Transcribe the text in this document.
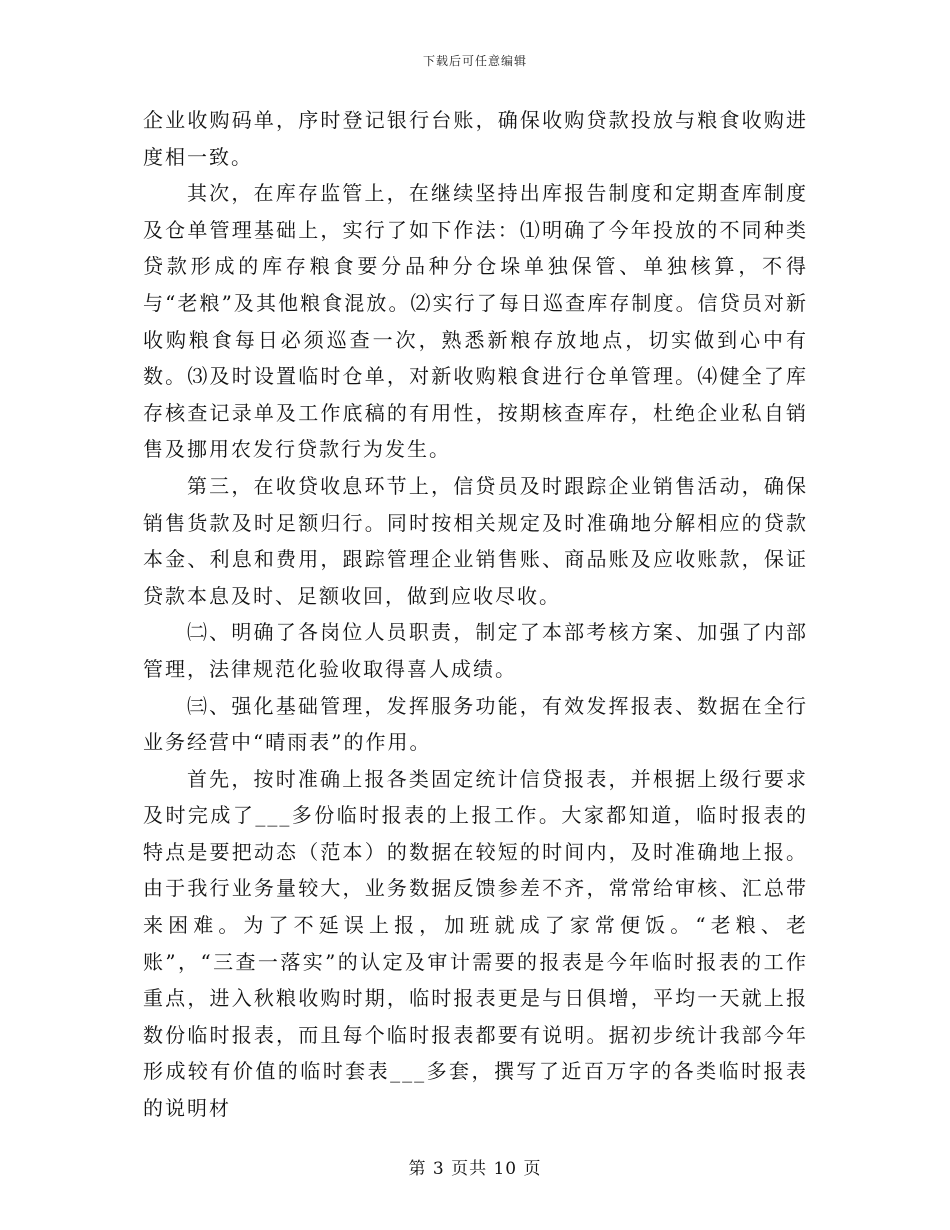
下载后可任意编辑

企业收购码单，序时登记银行台账，确保收购贷款投放与粮食收购进度相一致。

其次，在库存监管上，在继续坚持出库报告制度和定期查库制度及仓单管理基础上，实行了如下作法：⑴明确了今年投放的不同种类贷款形成的库存粮食要分品种分仓垛单独保管、单独核算，不得与“老粮”及其他粮食混放。⑵实行了每日巡查库存制度。信贷员对新收购粮食每日必须巡查一次，熟悉新粮存放地点，切实做到心中有数。⑶及时设置临时仓单，对新收购粮食进行仓单管理。⑷健全了库存核查记录单及工作底稿的有用性，按期核查库存，杜绝企业私自销售及挪用农发行贷款行为发生。

第三，在收贷收息环节上，信贷员及时跟踪企业销售活动，确保销售货款及时足额归行。同时按相关规定及时准确地分解相应的贷款本金、利息和费用，跟踪管理企业销售账、商品账及应收账款，保证贷款本息及时、足额收回，做到应收尽收。

㈡、明确了各岗位人员职责，制定了本部考核方案、加强了内部管理，法律规范化验收取得喜人成绩。

㈢、强化基础管理，发挥服务功能，有效发挥报表、数据在全行业务经营中“晴雨表”的作用。

首先，按时准确上报各类固定统计信贷报表，并根据上级行要求及时完成了___多份临时报表的上报工作。大家都知道，临时报表的特点是要把动态（范本）的数据在较短的时间内，及时准确地上报。由于我行业务量较大，业务数据反馈参差不齐，常常给审核、汇总带来困难。为了不延误上报，加班就成了家常便饭。“老粮、老账”，“三查一落实”的认定及审计需要的报表是今年临时报表的工作重点，进入秋粮收购时期，临时报表更是与日俱增，平均一天就上报数份临时报表，而且每个临时报表都要有说明。据初步统计我部今年形成较有价值的临时套表___多套，撰写了近百万字的各类临时报表的说明材

第 3 页共 10 页
